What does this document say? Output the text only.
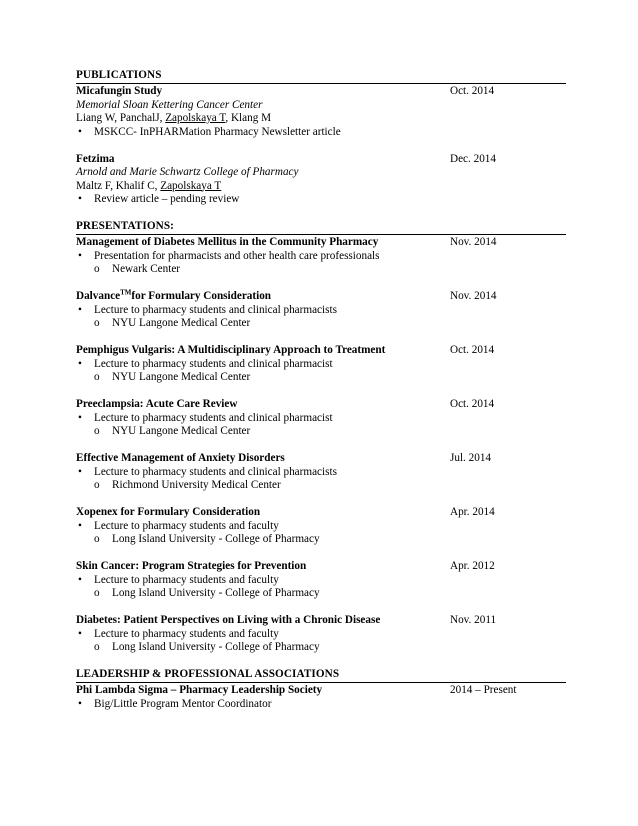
PUBLICATIONS
Micafungin Study	Oct. 2014
Memorial Sloan Kettering Cancer Center
Liang W, PanchalJ, Zapolskaya T, Klang M
• MSKCC- InPHARMation Pharmacy Newsletter article
Fetzima	Dec. 2014
Arnold and Marie Schwartz College of Pharmacy
Maltz F, Khalif C, Zapolskaya T
• Review article – pending review
PRESENTATIONS:
Management of Diabetes Mellitus in the Community Pharmacy	Nov. 2014
• Presentation for pharmacists and other health care professionals
o Newark Center
Dalvance™for Formulary Consideration	Nov. 2014
• Lecture to pharmacy students and clinical pharmacists
o NYU Langone Medical Center
Pemphigus Vulgaris: A Multidisciplinary Approach to Treatment	Oct. 2014
• Lecture to pharmacy students and clinical pharmacist
o NYU Langone Medical Center
Preeclampsia: Acute Care Review	Oct. 2014
• Lecture to pharmacy students and clinical pharmacist
o NYU Langone Medical Center
Effective Management of Anxiety Disorders	Jul. 2014
• Lecture to pharmacy students and clinical pharmacists
o Richmond University Medical Center
Xopenex for Formulary Consideration	Apr. 2014
• Lecture to pharmacy students and faculty
o Long Island University - College of Pharmacy
Skin Cancer: Program Strategies for Prevention	Apr. 2012
• Lecture to pharmacy students and faculty
o Long Island University - College of Pharmacy
Diabetes: Patient Perspectives on Living with a Chronic Disease	Nov. 2011
• Lecture to pharmacy students and faculty
o Long Island University - College of Pharmacy
LEADERSHIP & PROFESSIONAL ASSOCIATIONS
Phi Lambda Sigma – Pharmacy Leadership Society	2014 – Present
• Big/Little Program Mentor Coordinator
